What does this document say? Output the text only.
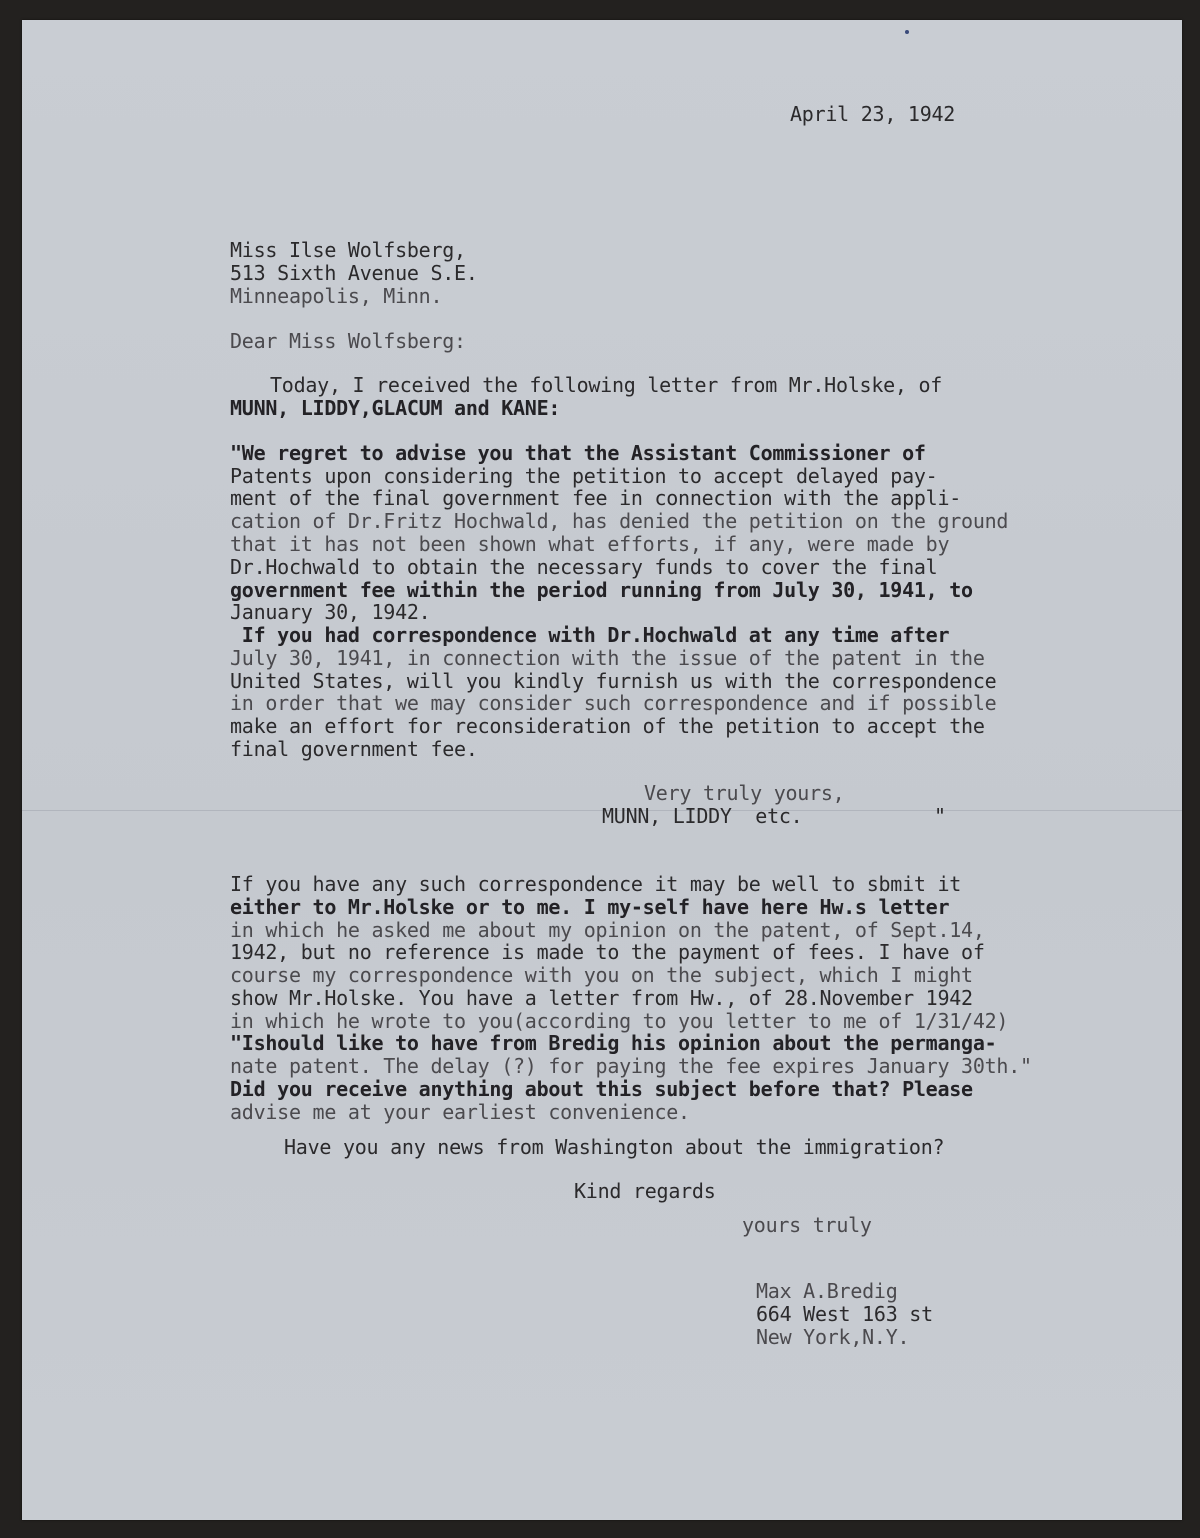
April 23, 1942
Miss Ilse Wolfsberg,
513 Sixth Avenue S.E.
Minneapolis, Minn.
Dear Miss Wolfsberg:
Today, I received the following letter from Mr.Holske, of
MUNN, LIDDY,GLACUM and KANE:
"We regret to advise you that the Assistant Commissioner of
Patents upon considering the petition to accept delayed pay-
ment of the final government fee in connection with the appli-
cation of Dr.Fritz Hochwald, has denied the petition on the ground
that it has not been shown what efforts, if any, were made by
Dr.Hochwald to obtain the necessary funds to cover the final
government fee within the period running from July 30, 1941, to
January 30, 1942.
If you had correspondence with Dr.Hochwald at any time after
July 30, 1941, in connection with the issue of the patent in the
United States, will you kindly furnish us with the correspondence
in order that we may consider such correspondence and if possible
make an effort for reconsideration of the petition to accept the
final government fee.
Very truly yours,
MUNN, LIDDY  etc.	"
If you have any such correspondence it may be well to sbmit it
either to Mr.Holske or to me. I my-self have here Hw.s letter
in which he asked me about my opinion on the patent, of Sept.14,
1942, but no reference is made to the payment of fees. I have of
course my correspondence with you on the subject, which I might
show Mr.Holske. You have a letter from Hw., of 28.November 1942
in which he wrote to you(according to you letter to me of 1/31/42)
"Ishould like to have from Bredig his opinion about the permanga-
nate patent. The delay (?) for paying the fee expires January 30th."
Did you receive anything about this subject before that? Please
advise me at your earliest convenience.
Have you any news from Washington about the immigration?
Kind regards
yours truly
Max A.Bredig
664 West 163 st
New York,N.Y.
